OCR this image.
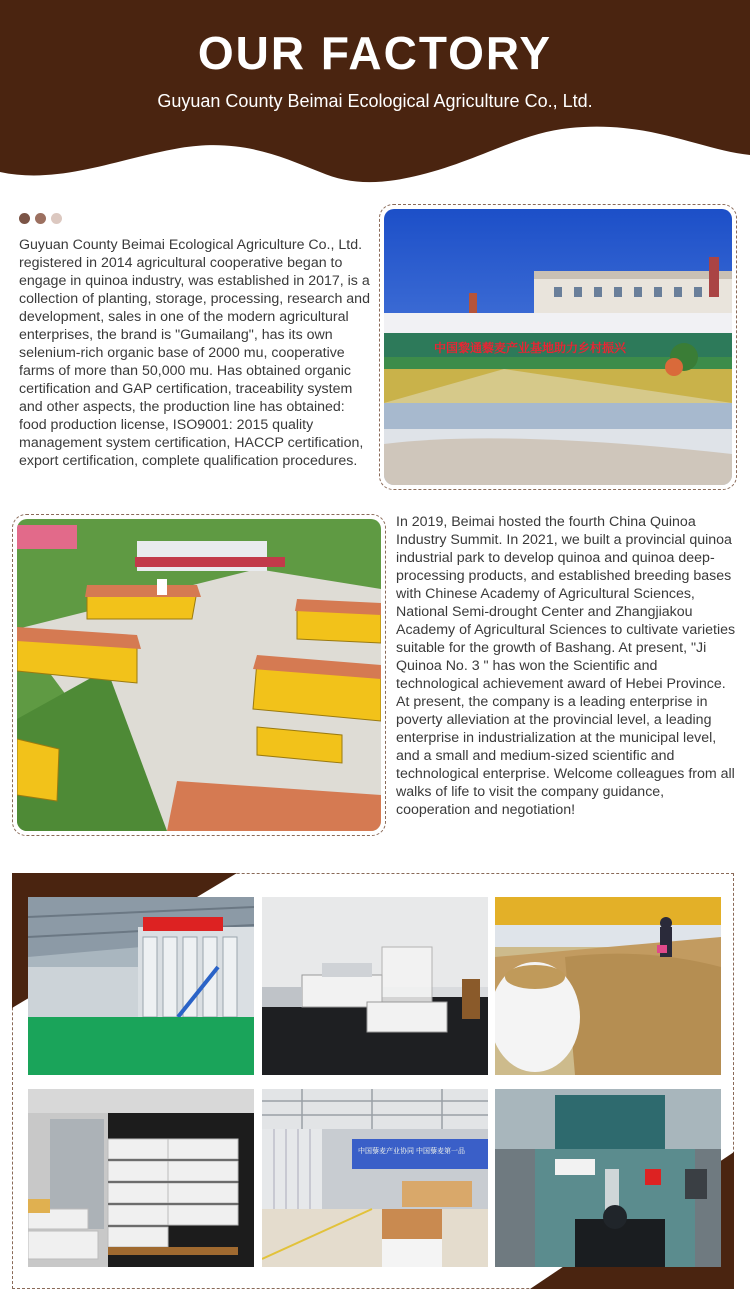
OUR FACTORY

Guyuan County Beimai Ecological Agriculture Co., Ltd.

Guyuan County Beimai Ecological Agriculture Co., Ltd. registered in 2014 agricultural cooperative began to engage in quinoa industry, was established in 2017, is a collection of planting, storage, processing, research and development, sales in one of the modern agricultural enterprises, the brand is "Gumailang", has its own selenium-rich organic base of 2000 mu, cooperative farms of more than 50,000 mu. Has obtained organic certification and GAP certification, traceability system and other aspects, the production line has obtained: food production license, ISO9001: 2015 quality management system certification, HACCP certification, export certification, complete qualification procedures.

中国黎通藜麦产业基地助力乡村振兴

In 2019, Beimai hosted the fourth China Quinoa Industry Summit. In 2021, we built a provincial quinoa industrial park to develop quinoa and quinoa deep-processing products, and established breeding bases with Chinese Academy of Agricultural Sciences, National Semi-drought Center and Zhangjiakou Academy of Agricultural Sciences to cultivate varieties suitable for the growth of Bashang. At present, "Ji Quinoa No. 3 " has won the Scientific and technological achievement award of Hebei Province. At present, the company is a leading enterprise in poverty alleviation at the provincial level, a leading enterprise in industrialization at the municipal level, and a small and medium-sized scientific and technological enterprise. Welcome colleagues from all walks of life to visit the company guidance, cooperation and negotiation!

中国藜麦产业协同 中国藜麦第一品
